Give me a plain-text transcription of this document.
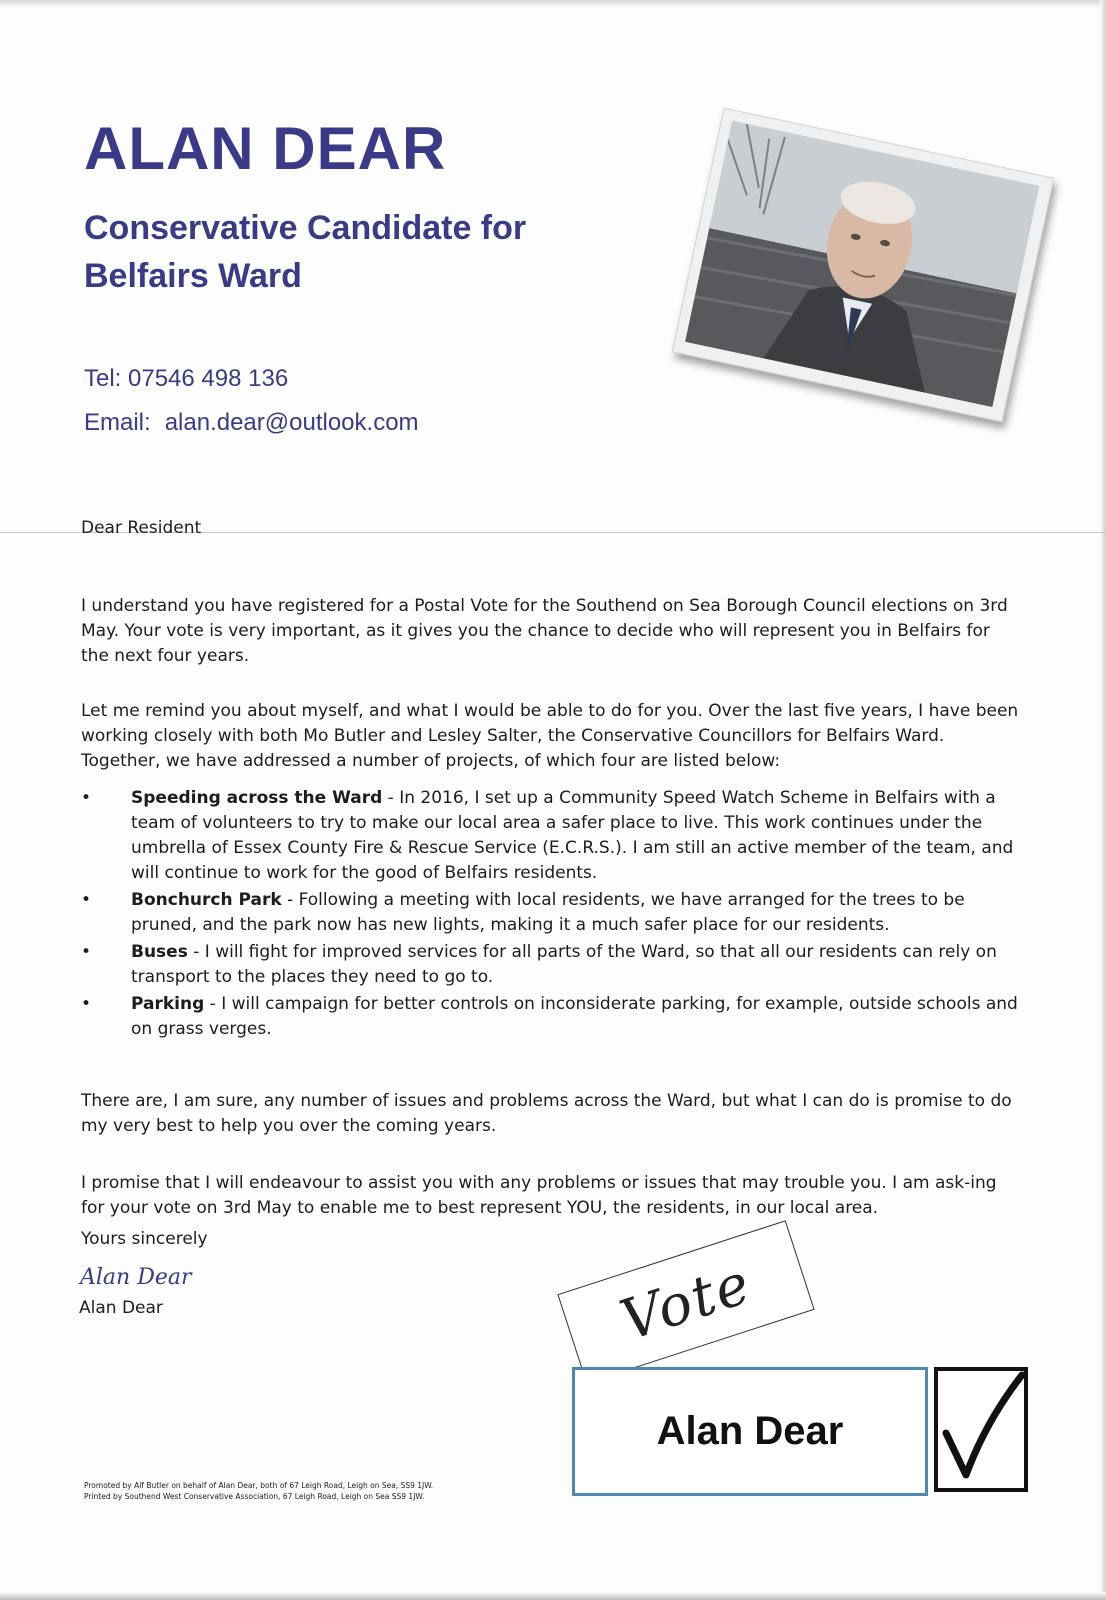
ALAN DEAR
Conservative Candidate for
Belfairs Ward
Tel: 07546 498 136
Email: alan.dear@outlook.com
Dear Resident

I understand you have registered for a Postal Vote for the Southend on Sea Borough Council elections on 3rd May. Your vote is very important, as it gives you the chance to decide who will represent you in Belfairs for the next four years.

Let me remind you about myself, and what I would be able to do for you. Over the last five years, I have been working closely with both Mo Butler and Lesley Salter, the Conservative Councillors for Belfairs Ward. Together, we have addressed a number of projects, of which four are listed below:

• Speeding across the Ward - In 2016, I set up a Community Speed Watch Scheme in Belfairs with a team of volunteers to try to make our local area a safer place to live. This work continues under the umbrella of Essex County Fire & Rescue Service (E.C.R.S.). I am still an active member of the team, and will continue to work for the good of Belfairs residents.
• Bonchurch Park - Following a meeting with local residents, we have arranged for the trees to be pruned, and the park now has new lights, making it a much safer place for our residents.
• Buses - I will fight for improved services for all parts of the Ward, so that all our residents can rely on transport to the places they need to go to.
• Parking - I will campaign for better controls on inconsiderate parking, for example, outside schools and on grass verges.

There are, I am sure, any number of issues and problems across the Ward, but what I can do is promise to do my very best to help you over the coming years.

I promise that I will endeavour to assist you with any problems or issues that may trouble you. I am ask-ing for your vote on 3rd May to enable me to best represent YOU, the residents, in our local area.

Yours sincerely
Alan Dear
Alan Dear
Promoted by Alf Butler on behalf of Alan Dear, both of 67 Leigh Road, Leigh on Sea, SS9 1JW.
Printed by Southend West Conservative Association, 67 Leigh Road, Leigh on Sea SS9 1JW.
Vote
Alan Dear
